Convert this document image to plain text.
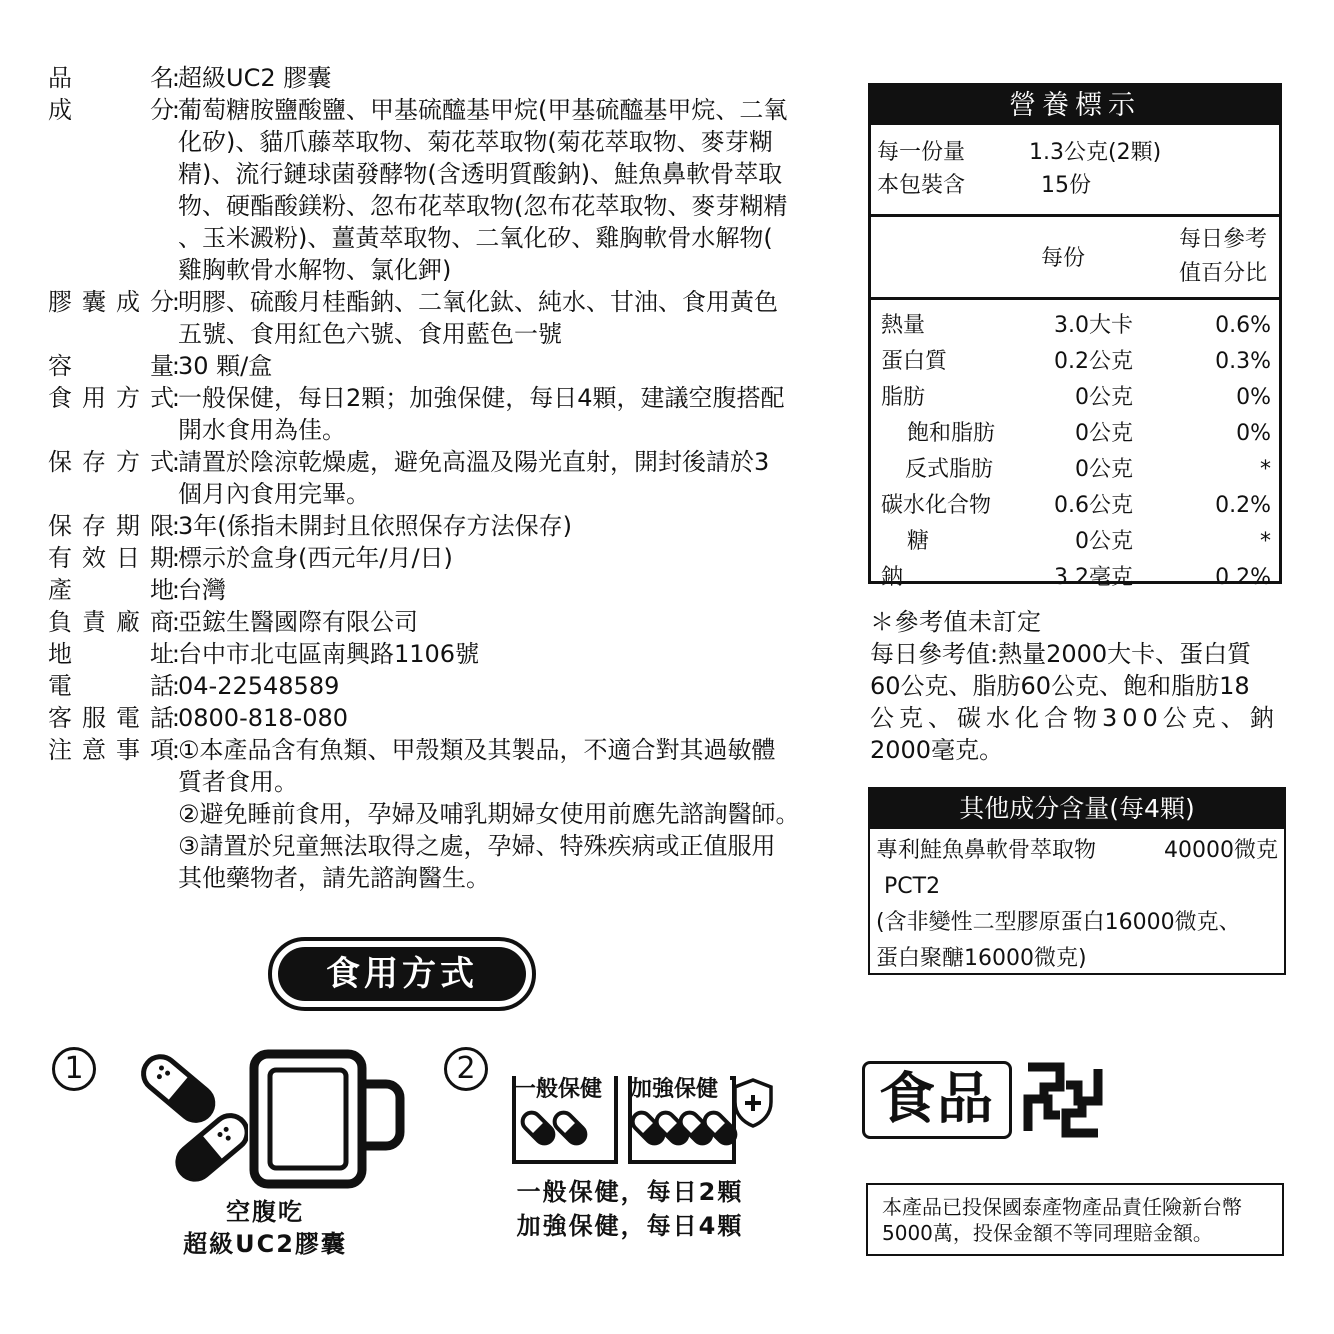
品	名
:
超級UC2 膠囊
成	分
:
葡萄糖胺鹽酸鹽、甲基硫醯基甲烷(甲基硫醯基甲烷、二氧
化矽)、貓爪藤萃取物、菊花萃取物(菊花萃取物、麥芽糊
精)、流行鏈球菌發酵物(含透明質酸鈉)、鮭魚鼻軟骨萃取
物、硬酯酸鎂粉、忽布花萃取物(忽布花萃取物、麥芽糊精
、玉米澱粉)、薑黃萃取物、二氧化矽、雞胸軟骨水解物(
雞胸軟骨水解物、氯化鉀)
膠 囊 成 分
:
明膠、硫酸月桂酯鈉、二氧化鈦、純水、甘油、食用黃色
五號、食用紅色六號、食用藍色一號
容	量
:
30 顆/盒
食 用 方 式
:
一般保健，每日2顆；加強保健，每日4顆，建議空腹搭配
開水食用為佳。
保 存 方 式
:
請置於陰涼乾燥處，避免高溫及陽光直射，開封後請於3
個月內食用完畢。
保 存 期 限
:
3年(係指未開封且依照保存方法保存)
有 效 日 期
:
標示於盒身(西元年/月/日)
產	地
:
台灣
負 責 廠 商
:
亞鋐生醫國際有限公司
地	址
:
台中市北屯區南興路1106號
電	話
:
04-22548589
客 服 電 話
:
0800-818-080
注 意 事 項
:
①本產品含有魚類、甲殼類及其製品，不適合對其過敏體
質者食用。
②避免睡前食用，孕婦及哺乳期婦女使用前應先諮詢醫師。
③請置於兒童無法取得之處，孕婦、特殊疾病或正值服用
其他藥物者，請先諮詢醫生。
營養標示
每一份量	1.3公克(2顆)
本包裝含	15份
每份
每日參考
值百分比
熱量	3.0大卡	0.6%
蛋白質	0.2公克	0.3%
脂肪	0公克	0%
飽和脂肪	0公克	0%
反式脂肪	0公克	*
碳水化合物	0.6公克	0.2%
糖	0公克	*
鈉	3.2毫克	0.2%
＊參考值未訂定
每日參考值:熱量2000大卡、蛋白質
60公克、脂肪60公克、飽和脂肪18
公克、碳水化合物300公克、鈉
2000毫克。
其他成分含量(每4顆)
專利鮭魚鼻軟骨萃取物	40000微克
PCT2
(含非變性二型膠原蛋白16000微克、
蛋白聚醣16000微克)
食用方式
1
空腹吃
超級UC2膠囊
2
一般保健 加強保健
一般保健，每日2顆
加強保健，每日4顆
食品
本產品已投保國泰產物產品責任險新台幣
5000萬，投保金額不等同理賠金額。
